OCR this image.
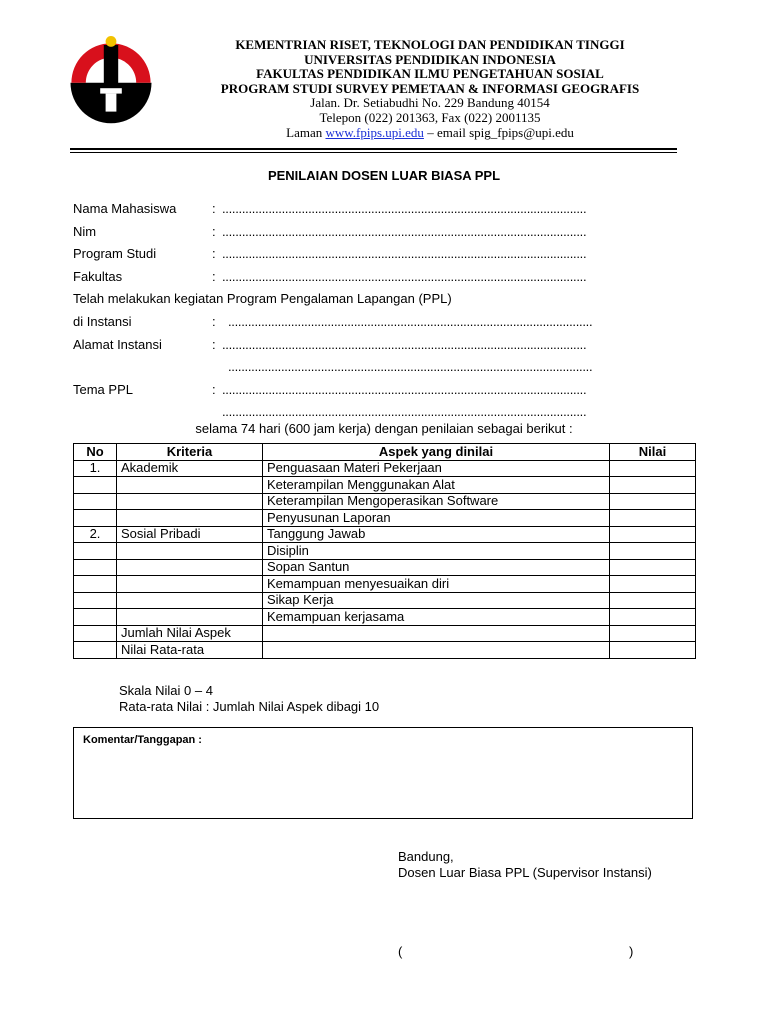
KEMENTRIAN RISET, TEKNOLOGI DAN PENDIDIKAN TINGGI
UNIVERSITAS PENDIDIKAN INDONESIA
FAKULTAS PENDIDIKAN ILMU PENGETAHUAN SOSIAL
PROGRAM STUDI SURVEY PEMETAAN & INFORMASI GEOGRAFIS
Jalan. Dr. Setiabudhi No. 229 Bandung 40154
Telepon (022) 201363, Fax (022) 2001135
Laman www.fpips.upi.edu – email spig_fpips@upi.edu
PENILAIAN DOSEN LUAR BIASA PPL
Nama Mahasiswa	: ..............................................................................................................
Nim	: ..............................................................................................................
Program Studi	: ..............................................................................................................
Fakultas	: ..............................................................................................................
Telah melakukan kegiatan Program Pengalaman Lapangan (PPL)
di Instansi	: ..............................................................................................................
Alamat Instansi	: ..............................................................................................................
..............................................................................................................
Tema PPL	: ..............................................................................................................
..............................................................................................................
selama 74 hari (600 jam kerja) dengan penilaian sebagai berikut :
No	Kriteria	Aspek yang dinilai	Nilai
1.	Akademik	Penguasaan Materi Pekerjaan	
		Keterampilan Menggunakan Alat	
		Keterampilan Mengoperasikan Software	
		Penyusunan Laporan	
2.	Sosial Pribadi	Tanggung Jawab	
		Disiplin	
		Sopan Santun	
		Kemampuan menyesuaikan diri	
		Sikap Kerja	
		Kemampuan kerjasama	
	Jumlah Nilai Aspek		
	Nilai Rata-rata		
Skala Nilai 0 – 4
Rata-rata Nilai : Jumlah Nilai Aspek dibagi 10
Komentar/Tanggapan :
Bandung,
Dosen Luar Biasa PPL (Supervisor Instansi)
(	)
